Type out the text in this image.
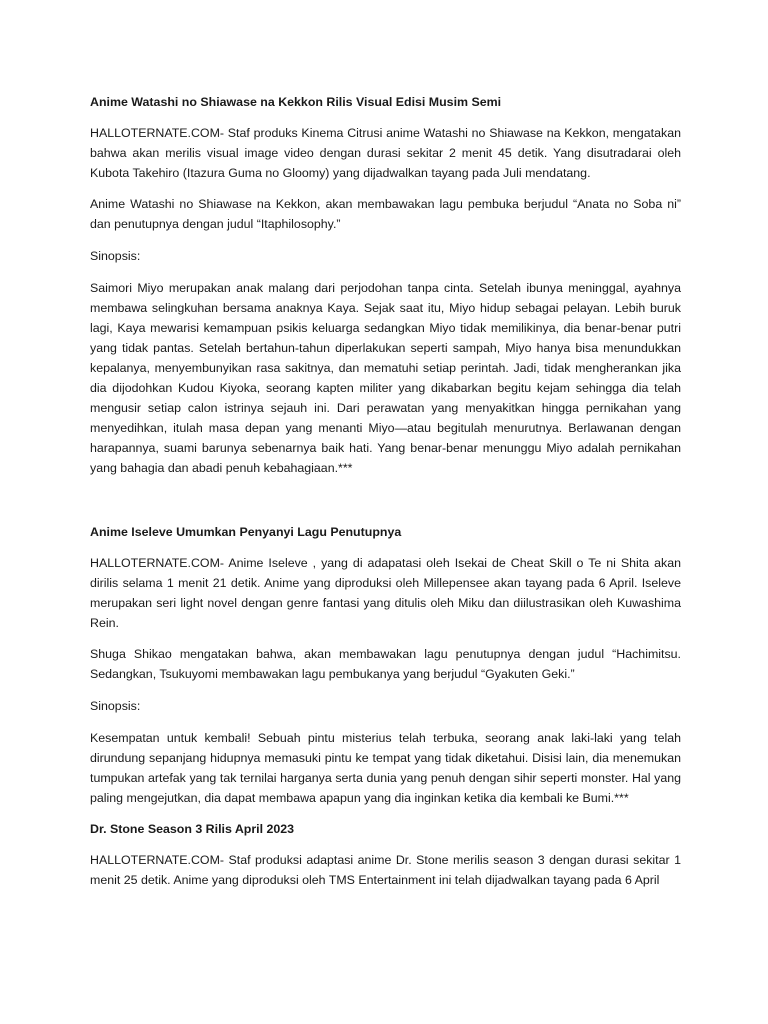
Anime Watashi no Shiawase na Kekkon Rilis Visual Edisi Musim Semi

HALLOTERNATE.COM- Staf produks Kinema Citrusi anime Watashi no Shiawase na Kekkon, mengatakan bahwa akan merilis visual image video dengan durasi sekitar 2 menit 45 detik. Yang disutradarai oleh Kubota Takehiro (Itazura Guma no Gloomy) yang dijadwalkan tayang pada Juli mendatang.

Anime Watashi no Shiawase na Kekkon, akan membawakan lagu pembuka berjudul “Anata no Soba ni” dan penutupnya dengan judul “Itaphilosophy.”

Sinopsis:

Saimori Miyo merupakan anak malang dari perjodohan tanpa cinta. Setelah ibunya meninggal, ayahnya membawa selingkuhan bersama anaknya Kaya. Sejak saat itu, Miyo hidup sebagai pelayan. Lebih buruk lagi, Kaya mewarisi kemampuan psikis keluarga sedangkan Miyo tidak memilikinya, dia benar-benar putri yang tidak pantas. Setelah bertahun-tahun diperlakukan seperti sampah, Miyo hanya bisa menundukkan kepalanya, menyembunyikan rasa sakitnya, dan mematuhi setiap perintah. Jadi, tidak mengherankan jika dia dijodohkan Kudou Kiyoka, seorang kapten militer yang dikabarkan begitu kejam sehingga dia telah mengusir setiap calon istrinya sejauh ini. Dari perawatan yang menyakitkan hingga pernikahan yang menyedihkan, itulah masa depan yang menanti Miyo—atau begitulah menurutnya. Berlawanan dengan harapannya, suami barunya sebenarnya baik hati. Yang benar-benar menunggu Miyo adalah pernikahan yang bahagia dan abadi penuh kebahagiaan.***

Anime Iseleve Umumkan Penyanyi Lagu Penutupnya

HALLOTERNATE.COM- Anime Iseleve , yang di adapatasi oleh Isekai de Cheat Skill o Te ni Shita akan dirilis selama 1 menit 21 detik. Anime yang diproduksi oleh Millepensee akan tayang pada 6 April. Iseleve merupakan seri light novel dengan genre fantasi yang ditulis oleh Miku dan diilustrasikan oleh Kuwashima Rein.

Shuga Shikao mengatakan bahwa, akan membawakan lagu penutupnya dengan judul “Hachimitsu. Sedangkan, Tsukuyomi membawakan lagu pembukanya yang berjudul “Gyakuten Geki.”

Sinopsis:

Kesempatan untuk kembali! Sebuah pintu misterius telah terbuka, seorang anak laki-laki yang telah dirundung sepanjang hidupnya memasuki pintu ke tempat yang tidak diketahui. Disisi lain, dia menemukan tumpukan artefak yang tak ternilai harganya serta dunia yang penuh dengan sihir seperti monster. Hal yang paling mengejutkan, dia dapat membawa apapun yang dia inginkan ketika dia kembali ke Bumi.***

Dr. Stone Season 3 Rilis April 2023

HALLOTERNATE.COM- Staf produksi adaptasi anime Dr. Stone merilis season 3 dengan durasi sekitar 1 menit 25 detik. Anime yang diproduksi oleh TMS Entertainment ini telah dijadwalkan tayang pada 6 April
